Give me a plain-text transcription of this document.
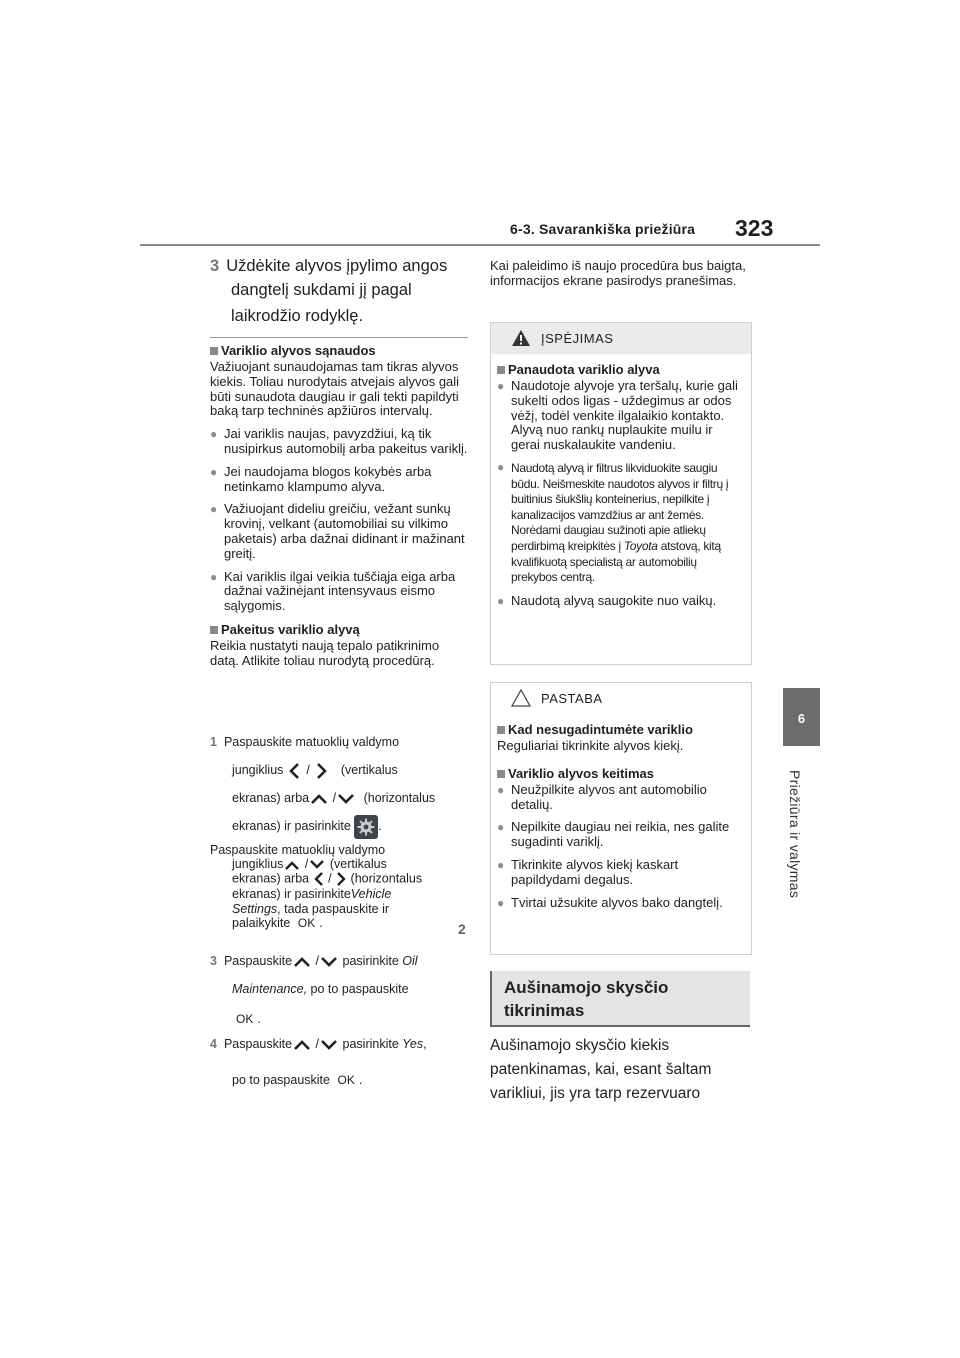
6-3. Savarankiška priežiūra 323
6
Priežiūra ir valymas
3 Uždėkite alyvos įpylimo angos
dangtelį sukdami jį pagal
laikrodžio rodyklę.
Variklio alyvos sąnaudos

Važiuojant sunaudojamas tam tikras alyvos kiekis. Toliau nurodytais atvejais alyvos gali būti sunaudota daugiau ir gali tekti papildyti baką tarp techninės apžiūros intervalų.

● Jai variklis naujas, pavyzdžiui, ką tik nusipirkus automobilį arba pakeitus variklį.
● Jei naudojama blogos kokybės arba netinkamo klampumo alyva.
● Važiuojant dideliu greičiu, vežant sunkų krovinį, velkant (automobiliai su vilkimo paketais) arba dažnai didinant ir mažinant greitį.
● Kai variklis ilgai veikia tuščiąja eiga arba dažnai važinėjant intensyvaus eismo sąlygomis.
Pakeitus variklio alyvą

Reikia nustatyti naują tepalo patikrinimo datą. Atlikite toliau nurodytą procedūrą.

1 Paspauskite matuoklių valdymo
jungiklius / (vertikalus
ekranas) arba / (horizontalus
ekranas) ir pasirinkite .
Paspauskite matuoklių valdymo
jungiklius / (vertikalus
ekranas) arba / (horizontalus
ekranas) ir pasirinkiteVehicle
Settings, tada paspauskite ir
palaikykite OK .	2
3 Paspauskite / pasirinkite Oil
Maintenance, po to paspauskite
OK .
4 Paspauskite / pasirinkite Yes,
po to paspauskite OK .

Kai paleidimo iš naujo procedūra bus baigta, informacijos ekrane pasirodys pranešimas.

ĮSPĖJIMAS
Panaudota variklio alyva
● Naudotoje alyvoje yra teršalų, kurie gali sukelti odos ligas - uždegimus ar odos vėžį, todėl venkite ilgalaikio kontakto. Alyvą nuo rankų nuplaukite muilu ir gerai nuskalaukite vandeniu.
● Naudotą alyvą ir filtrus likviduokite saugiu būdu. Neišmeskite naudotos alyvos ir filtrų į buitinius šiukšlių konteinerius, nepilkite į kanalizacijos vamzdžius ar ant žemės.
Norėdami daugiau sužinoti apie atliekų perdirbimą kreipkitės į Toyota atstovą, kitą kvalifikuotą specialistą ar automobilių prekybos centrą.
● Naudotą alyvą saugokite nuo vaikų.
PASTABA
Kad nesugadintumėte variklio

Reguliariai tikrinkite alyvos kiekį.

Variklio alyvos keitimas
● Neužpilkite alyvos ant automobilio detalių.
● Nepilkite daugiau nei reikia, nes galite sugadinti variklį.
● Tikrinkite alyvos kiekį kaskart papildydami degalus.
● Tvirtai užsukite alyvos bako dangtelį.
Aušinamojo skysčio
tikrinimas
Aušinamojo skysčio kiekis
patenkinamas, kai, esant šaltam
varikliui, jis yra tarp rezervuaro
